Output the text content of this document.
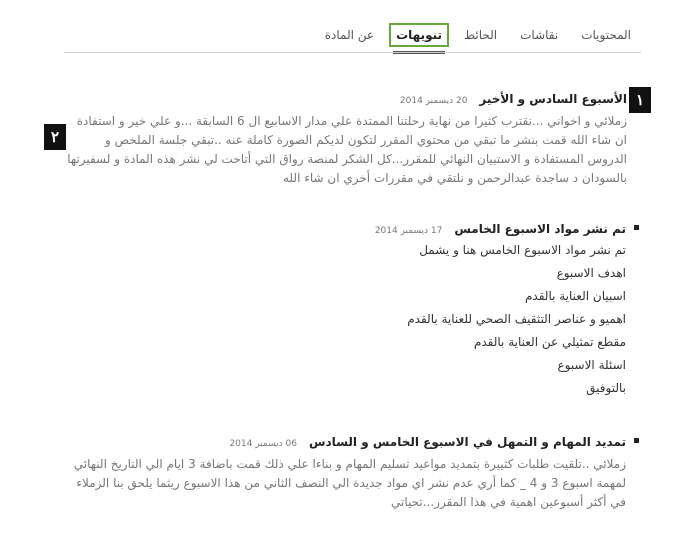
المحتويات
نقاشات
الحائط
تنويهات
عن المادة
١
٢
الأسبوع السادس و الأخير
20 ديسمبر 2014
زملائي و اخواني ...نقترب كثيرا من نهاية رحلتنا الممتدة علي مدار الاسابيع ال 6 السابقة ...و علي خير و استفادة ان شاء الله قمت بنشر ما تبقي من محتوي المقرر لتكون لديكم الصورة كاملة عنه ..تبقي جلسة الملخص و الدروس المستفادة و الاستبيان النهائي للمقرر...كل الشكر لمنصة رواق التي أتاحت لي نشر هذه المادة و لسفيرتها بالسودان د ساجدة عبدالرحمن و نلتقي في مقررات أخري ان شاء الله
تم نشر مواد الاسبوع الخامس
17 ديسمبر 2014

تم نشر مواد الاسبوع الخامس هنا و يشمل

اهدف الاسبوع

اسبيان العناية بالقدم

اهميو و عناصر التثقيف الصحي للعناية بالقدم

مقطع تمثيلي عن العناية بالقدم

اسئلة الاسبوع

بالتوفيق

تمديد المهام و التمهل في الاسبوع الخامس و السادس
06 ديسمبر 2014
زملائي ..تلقيت طلبات كثييرة بتمديد مواعيد تسليم المهام و بناءا علي ذلك قمت باضافة 3 ايام الي التاريخ النهائي لمهمة اسبوع 3 و 4 _ كما أري عدم نشر اي مواد جديدة الي النصف الثاني من هذا الاسبوع ريثما يلحق بنا الزملاء في أكثر أسبوعين اهمية في هذا المقرر...تحياتي
